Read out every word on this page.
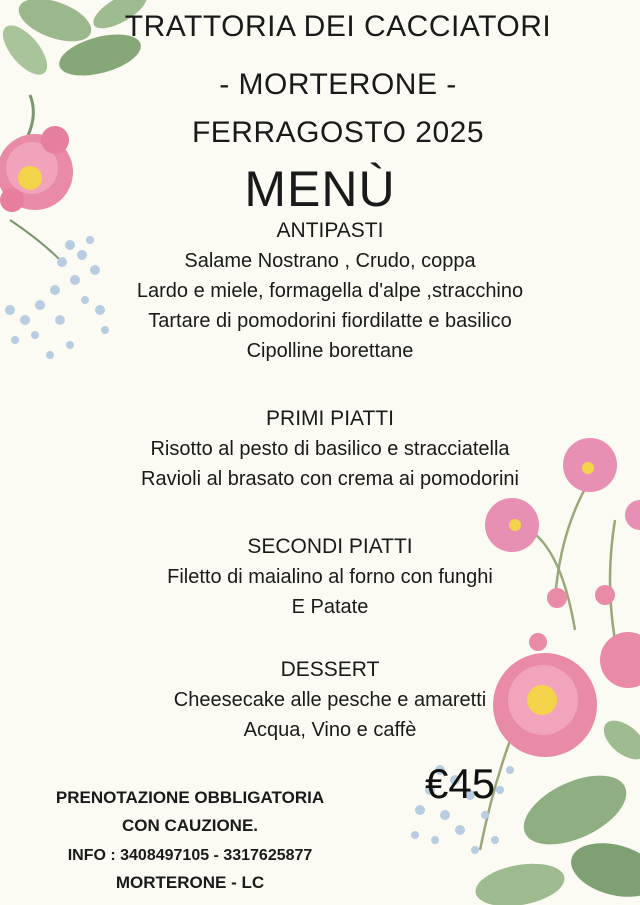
TRATTORIA DEI CACCIATORI
- MORTERONE -
FERRAGOSTO 2025
MENÙ

ANTIPASTI

Salame Nostrano , Crudo, coppa

Lardo e miele, formagella d'alpe ,stracchino

Tartare di pomodorini fiordilatte e basilico

Cipolline borettane

PRIMI PIATTI

Risotto al pesto di basilico e stracciatella

Ravioli al brasato con crema ai pomodorini

SECONDI PIATTI

Filetto di maialino al forno con funghi

E Patate

DESSERT

Cheesecake alle pesche e amaretti

Acqua, Vino e caffè

€45
PRENOTAZIONE OBBLIGATORIA
CON CAUZIONE.
INFO : 3408497105 - 3317625877
MORTERONE - LC
